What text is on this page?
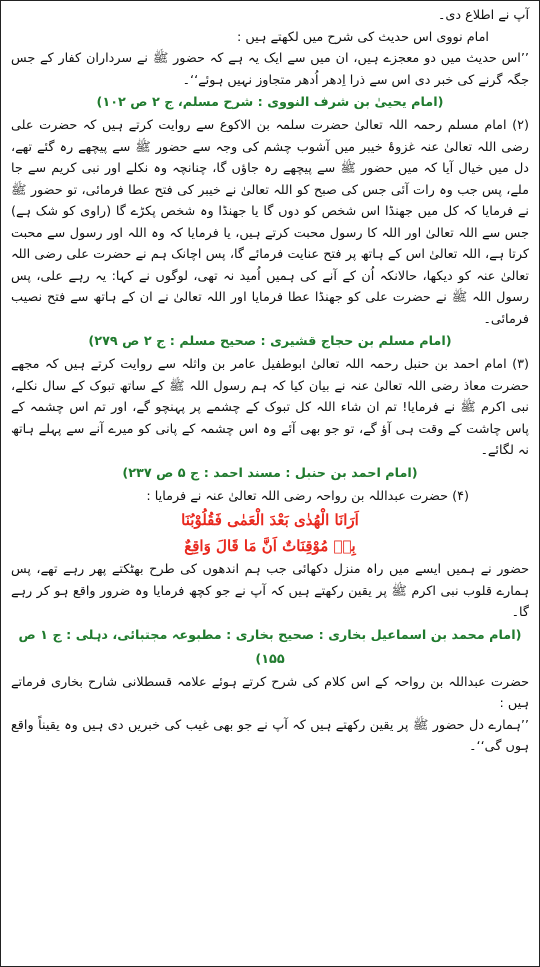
آپ نے اطلاع دی۔

امام نووی اس حدیث کی شرح میں لکھتے ہیں :

’’اس حدیث میں دو معجزے ہیں، ان میں سے ایک یہ ہے کہ حضور ﷺ نے سرداران کفار کے جس جگہ گرنے کی خبر دی اس سے ذرا اِدھر اُدھر متجاوز نہیں ہوئے‘‘۔

(امام یحییٰ بن شرف النووی : شرح مسلم، ج ۲ ص ۱۰۲)

(۲) امام مسلم رحمہ اللہ تعالیٰ حضرت سلمہ بن الاکوع سے روایت کرتے ہیں کہ حضرت علی رضی اللہ تعالیٰ عنہ غزوۂ خیبر میں آشوب چشم کی وجہ سے حضور ﷺ سے پیچھے رہ گئے تھے، دل میں خیال آیا کہ میں حضور ﷺ سے پیچھے رہ جاؤں گا، چنانچہ وہ نکلے اور نبی کریم سے جا ملے، پس جب وہ رات آئی جس کی صبح کو اللہ تعالیٰ نے خیبر کی فتح عطا فرمائی، تو حضور ﷺ نے فرمایا کہ کل میں جھنڈا اس شخص کو دوں گا یا جھنڈا وہ شخص پکڑے گا (راوی کو شک ہے) جس سے اللہ تعالیٰ اور اللہ کا رسول محبت کرتے ہیں، یا فرمایا کہ وہ اللہ اور رسول سے محبت کرتا ہے، اللہ تعالیٰ اس کے ہاتھ پر فتح عنایت فرمائے گا، پس اچانک ہم نے حضرت علی رضی اللہ تعالیٰ عنہ کو دیکھا، حالانکہ اُن کے آنے کی ہمیں اُمید نہ تھی، لوگوں نے کہا: یہ رہے علی، پس رسول اللہ ﷺ نے حضرت علی کو جھنڈا عطا فرمایا اور اللہ تعالیٰ نے ان کے ہاتھ سے فتح نصیب فرمائی۔

(امام مسلم بن حجاج قشیری : صحیح مسلم : ج ۲ ص ۲۷۹)

(۳) امام احمد بن حنبل رحمہ اللہ تعالیٰ ابوطفیل عامر بن واثلہ سے روایت کرتے ہیں کہ مجھے حضرت معاذ رضی اللہ تعالیٰ عنہ نے بیان کیا کہ ہم رسول اللہ ﷺ کے ساتھ تبوک کے سال نکلے، نبی اکرم ﷺ نے فرمایا! تم ان شاء اللہ کل تبوک کے چشمے پر پہنچو گے، اور تم اس چشمہ کے پاس چاشت کے وقت ہی آؤ گے، تو جو بھی آئے وہ اس چشمہ کے پانی کو میرے آنے سے پہلے ہاتھ نہ لگائے۔

(امام احمد بن حنبل : مسند احمد : ج ۵ ص ۲۳۷)

(۴) حضرت عبداللہ بن رواحہ رضی اللہ تعالیٰ عنہ نے فرمایا :

اَرَانَا الْهُدٰی بَعْدَ الْعَمٰی فَقُلُوْبُنَا

بِهٖ مُوْقِنَاتٌ اَنَّ مَا قَالَ وَاقِعٌ

حضور نے ہمیں ایسے میں راہ منزل دکھائی جب ہم اندھوں کی طرح بھٹکتے پھر رہے تھے، پس ہمارے قلوب نبی اکرم ﷺ پر یقین رکھتے ہیں کہ آپ نے جو کچھ فرمایا وہ ضرور واقع ہو کر رہے گا۔

(امام محمد بن اسماعیل بخاری : صحیح بخاری : مطبوعہ مجتبائی، دہلی : ج ۱ ص ۱۵۵)

حضرت عبداللہ بن رواحہ کے اس کلام کی شرح کرتے ہوئے علامہ قسطلانی شارح بخاری فرماتے ہیں :

’’ہمارے دل حضور ﷺ پر یقین رکھتے ہیں کہ آپ نے جو بھی غیب کی خبریں دی ہیں وہ یقیناً واقع ہوں گی‘‘۔
